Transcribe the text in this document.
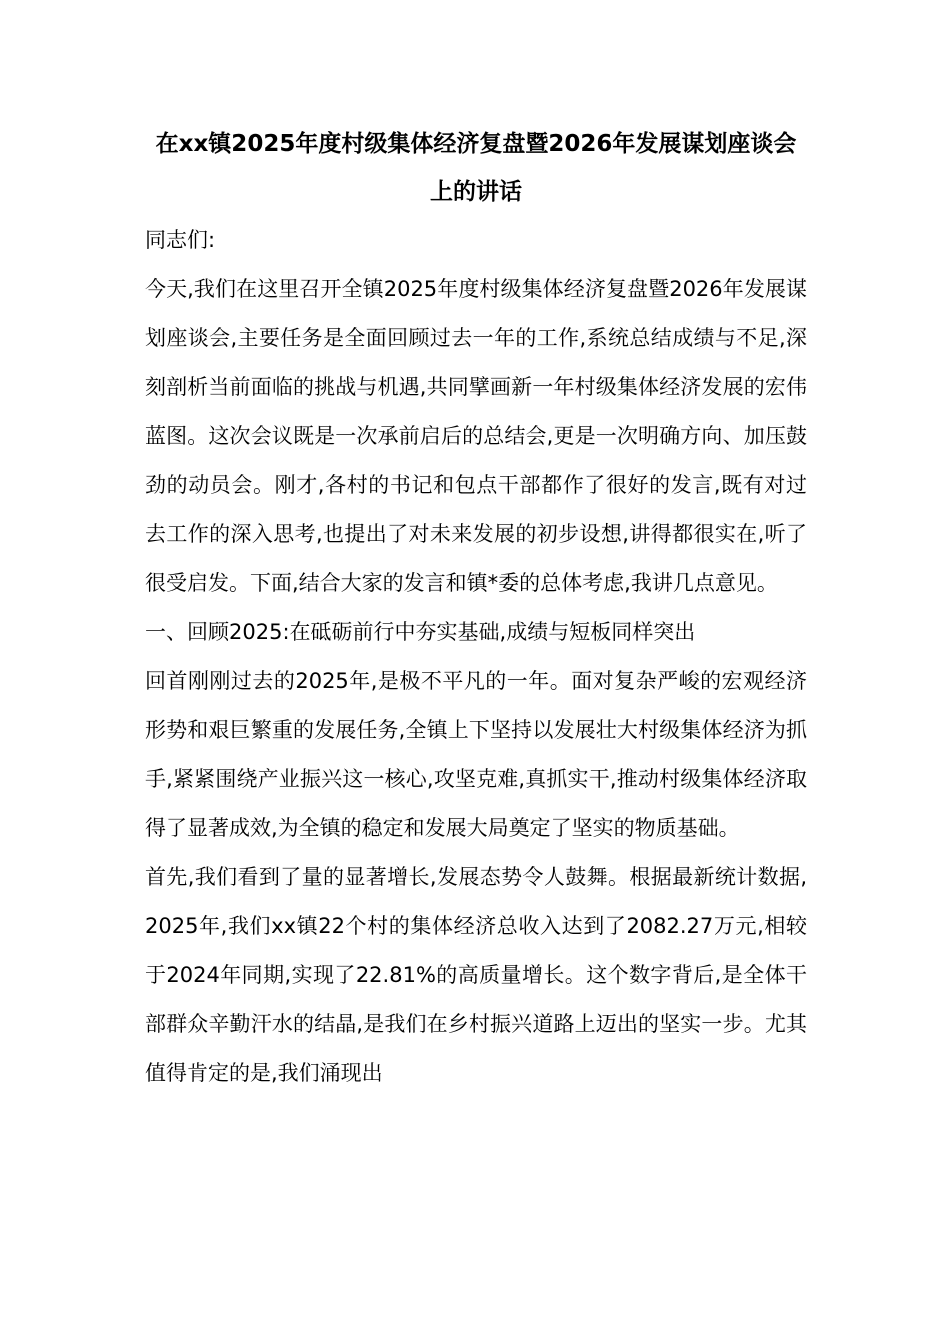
在xx镇2025年度村级集体经济复盘暨2026年发展谋划座谈会上的讲话

同志们:

今天,我们在这里召开全镇2025年度村级集体经济复盘暨2026年发展谋划座谈会,主要任务是全面回顾过去一年的工作,系统总结成绩与不足,深刻剖析当前面临的挑战与机遇,共同擘画新一年村级集体经济发展的宏伟蓝图。这次会议既是一次承前启后的总结会,更是一次明确方向、加压鼓劲的动员会。刚才,各村的书记和包点干部都作了很好的发言,既有对过去工作的深入思考,也提出了对未来发展的初步设想,讲得都很实在,听了很受启发。下面,结合大家的发言和镇*委的总体考虑,我讲几点意见。

一、回顾2025:在砥砺前行中夯实基础,成绩与短板同样突出

回首刚刚过去的2025年,是极不平凡的一年。面对复杂严峻的宏观经济形势和艰巨繁重的发展任务,全镇上下坚持以发展壮大村级集体经济为抓手,紧紧围绕产业振兴这一核心,攻坚克难,真抓实干,推动村级集体经济取得了显著成效,为全镇的稳定和发展大局奠定了坚实的物质基础。

首先,我们看到了量的显著增长,发展态势令人鼓舞。根据最新统计数据,2025年,我们xx镇22个村的集体经济总收入达到了2082.27万元,相较于2024年同期,实现了22.81%的高质量增长。这个数字背后,是全体干部群众辛勤汗水的结晶,是我们在乡村振兴道路上迈出的坚实一步。尤其值得肯定的是,我们涌现出
